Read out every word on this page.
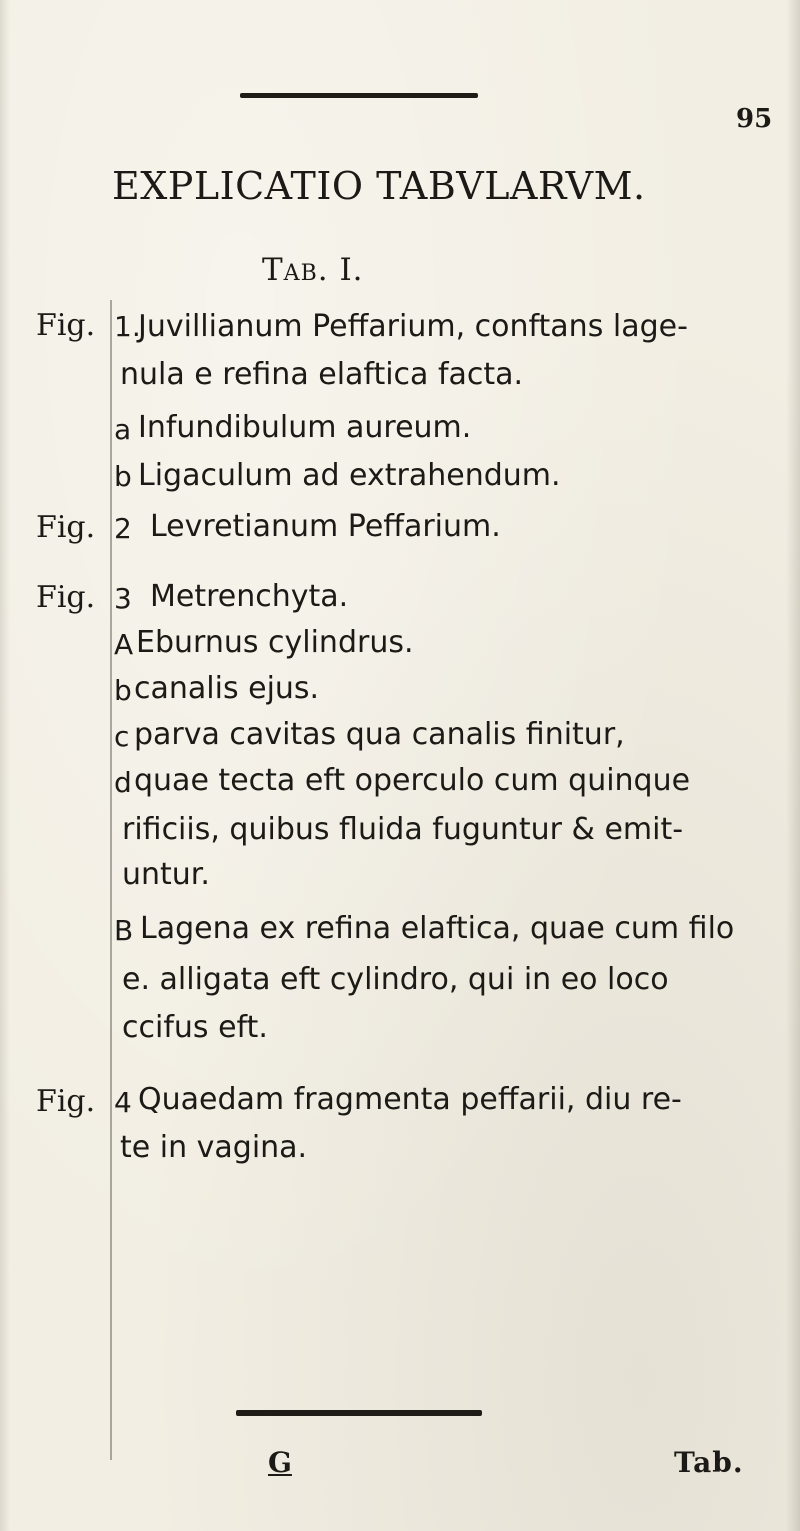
95
EXPLICATIO TABVLARVM.
Tab. I.
Fig.
Fig.
Fig.
Fig.
1.
a
b
2
3
A
b
c
d
B
4
Juvillianum Peffarium, conftans lage-
nula e refina elaftica facta.
Infundibulum aureum.
Ligaculum ad extrahendum.
Levretianum Peffarium.
Metrenchyta.
Eburnus cylindrus.
canalis ejus.
parva cavitas qua canalis finitur,
quae tecta eft operculo cum quinque
rificiis, quibus fluida fuguntur & emit-
untur.
Lagena ex refina elaftica, quae cum filo
e. alligata eft cylindro, qui in eo loco
ccifus eft.
Quaedam fragmenta peffarii, diu re-
te in vagina.
G	Tab.
